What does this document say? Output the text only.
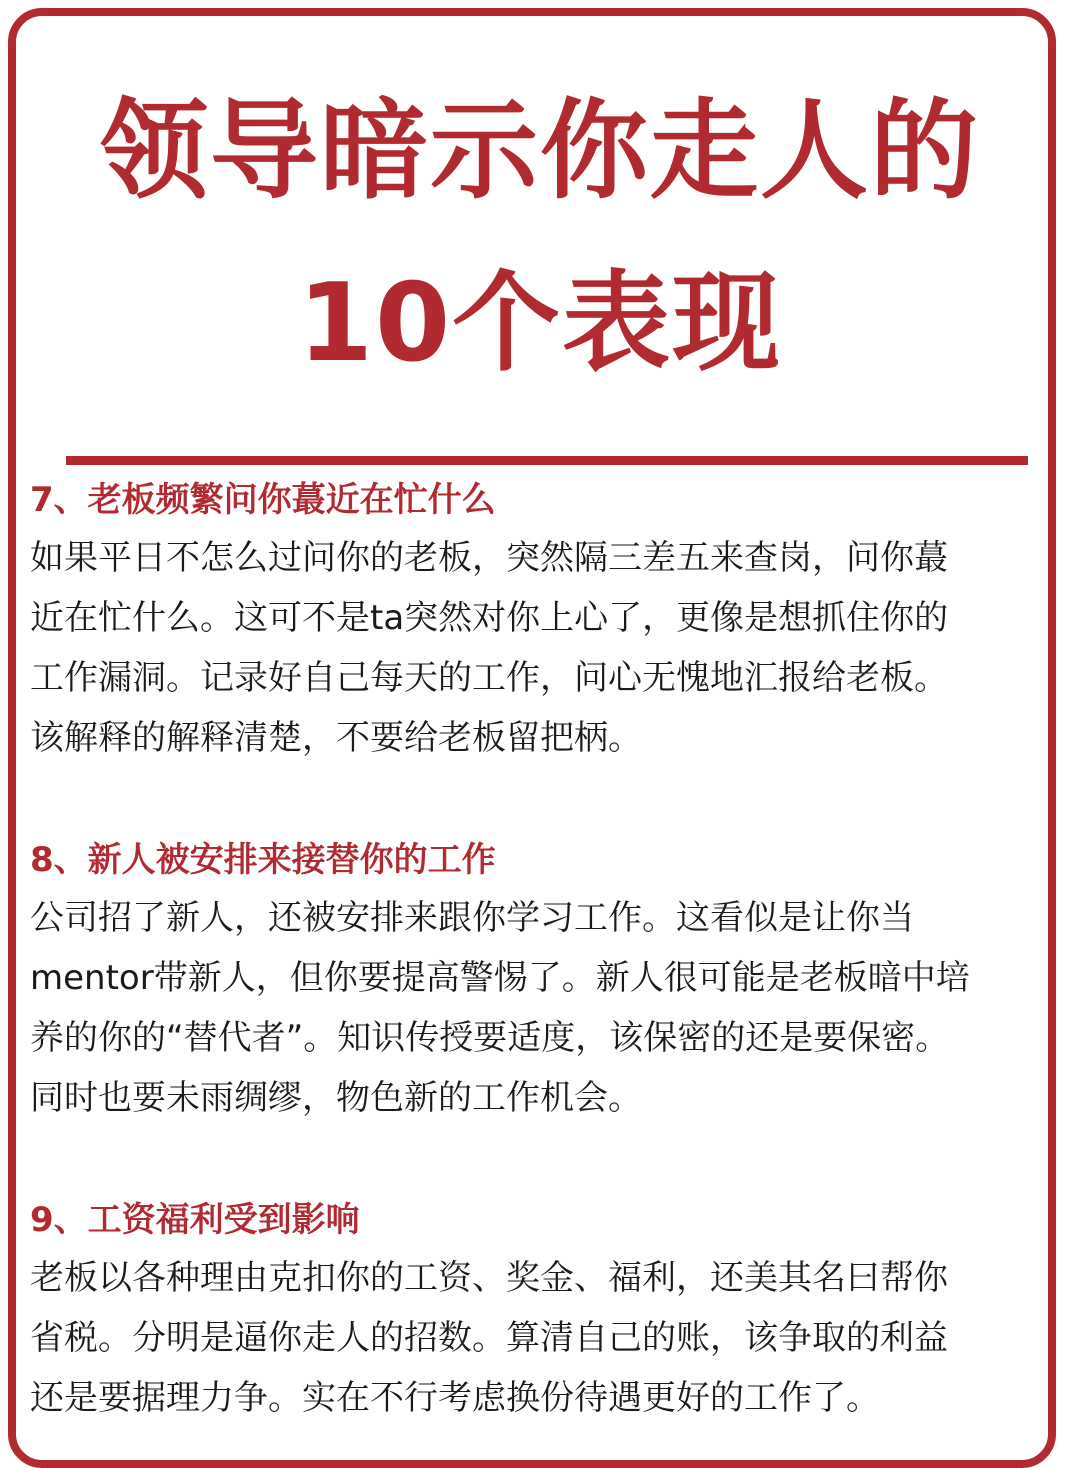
领导暗示你走人的
10个表现
7、老板频繁问你蕞近在忙什么
如果平日不怎么过问你的老板，突然隔三差五来查岗，问你蕞
近在忙什么。这可不是ta突然对你上心了，更像是想抓住你的
工作漏洞。记录好自己每天的工作，问心无愧地汇报给老板。
该解释的解释清楚，不要给老板留把柄。
8、新人被安排来接替你的工作
公司招了新人，还被安排来跟你学习工作。这看似是让你当
mentor带新人，但你要提高警惕了。新人很可能是老板暗中培
养的你的“替代者”。知识传授要适度，该保密的还是要保密。
同时也要未雨绸缪，物色新的工作机会。
9、工资福利受到影响
老板以各种理由克扣你的工资、奖金、福利，还美其名曰帮你
省税。分明是逼你走人的招数。算清自己的账，该争取的利益
还是要据理力争。实在不行考虑换份待遇更好的工作了。
